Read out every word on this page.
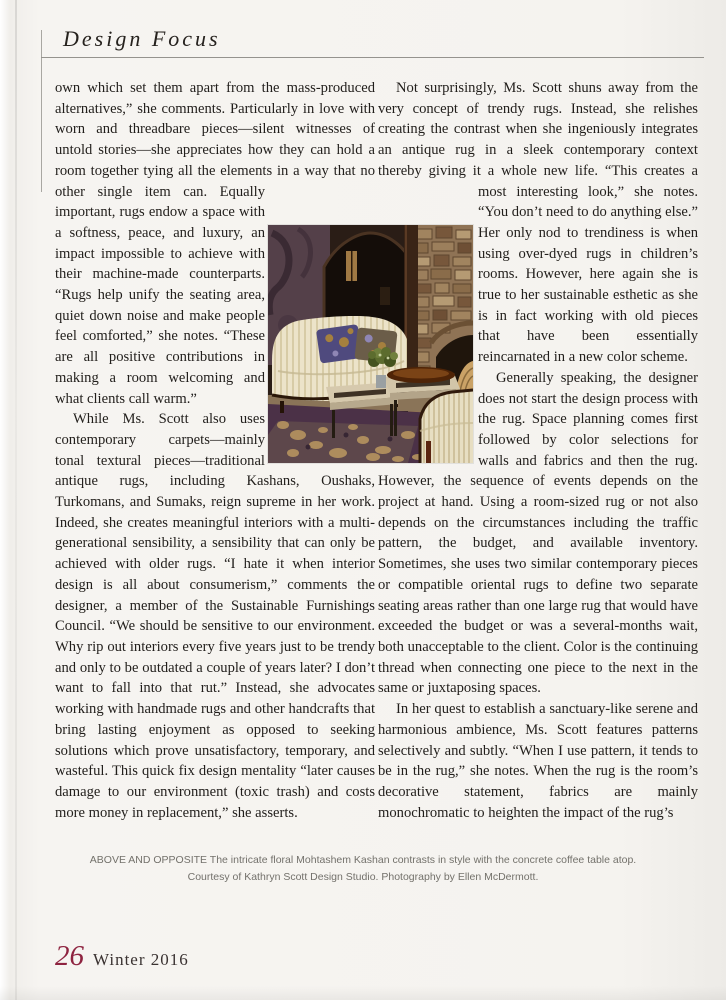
Design Focus

own which set them apart from the mass-produced alternatives,” she comments. Particularly in love with worn and threadbare pieces—silent witnesses of untold stories—she appreciates how they can hold a room together tying all the elements in a way that no other single item can. Equally important, rugs endow a space with a softness, peace, and luxury, an impact impossible to achieve with their machine-made counterparts. “Rugs help unify the seating area, quiet down noise and make people feel comforted,” she notes. “These are all positive contributions in making a room welcoming and what clients call warm.”

While Ms. Scott also uses contemporary carpets—mainly tonal textural pieces—traditional antique rugs, including Kashans, Oushaks, Turkomans, and Sumaks, reign supreme in her work. Indeed, she creates meaningful interiors with a multi-generational sensibility, a sensibility that can only be achieved with older rugs. “I hate it when interior design is all about consumerism,” comments the designer, a member of the Sustainable Furnishings Council. “We should be sensitive to our environment. Why rip out interiors every five years just to be trendy and only to be outdated a couple of years later? I don’t want to fall into that rut.” Instead, she advocates working with handmade rugs and other handcrafts that bring lasting enjoyment as opposed to seeking solutions which prove unsatisfactory, temporary, and wasteful. This quick fix design mentality “later causes damage to our environment (toxic trash) and costs more money in replacement,” she asserts.

Not surprisingly, Ms. Scott shuns away from the very concept of trendy rugs. Instead, she relishes creating the contrast when she ingeniously integrates an antique rug in a sleek contemporary context thereby giving it a whole new life. “This creates a most interesting look,” she notes. “You don’t need to do anything else.” Her only nod to trendiness is when using over-dyed rugs in children’s rooms. However, here again she is true to her sustainable esthetic as she is in fact working with old pieces that have been essentially reincarnated in a new color scheme.

Generally speaking, the designer does not start the design process with the rug. Space planning comes first followed by color selections for walls and fabrics and then the rug. However, the sequence of events depends on the project at hand. Using a room-sized rug or not also depends on the circumstances including the traffic pattern, the budget, and available inventory. Sometimes, she uses two similar contemporary pieces or compatible oriental rugs to define two separate seating areas rather than one large rug that would have exceeded the budget or was a several-months wait, both unacceptable to the client. Color is the continuing thread when connecting one piece to the next in the same or juxtaposing spaces.

In her quest to establish a sanctuary-like serene and harmonious ambience, Ms. Scott features patterns selectively and subtly. “When I use pattern, it tends to be in the rug,” she notes. When the rug is the room’s decorative statement, fabrics are mainly monochromatic to heighten the impact of the rug’s

ABOVE AND OPPOSITE The intricate floral Mohtashem Kashan contrasts in style with the concrete coffee table atop.
Courtesy of Kathryn Scott Design Studio. Photography by Ellen McDermott.
26 Winter 2016
